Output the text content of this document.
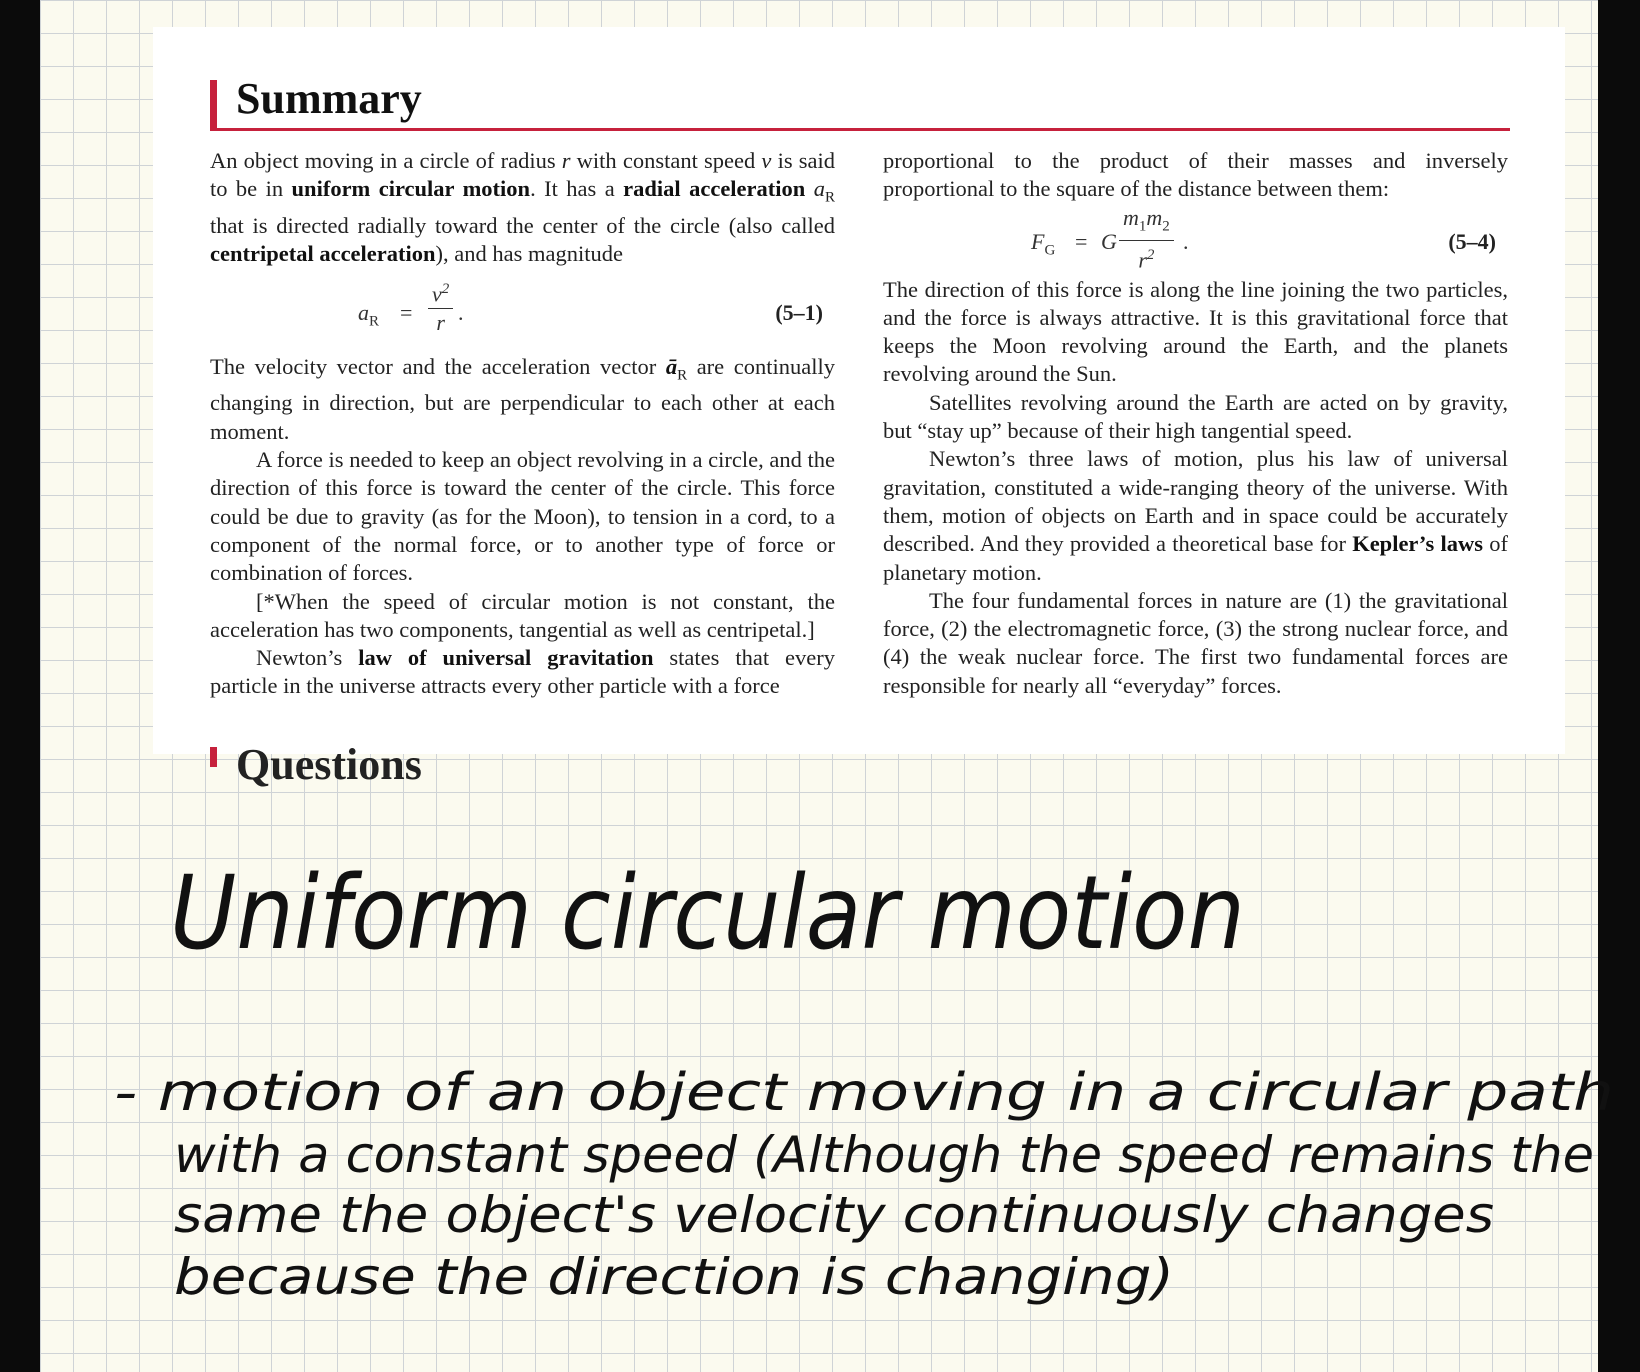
Summary

An object moving in a circle of radius r with constant speed v is said to be in uniform circular motion. It has a radial acceleration $a_R$ that is directed radially toward the center of the circle (also called centripetal acceleration), and has magnitude

$a_R = \frac{v^2}{r}$ .	(5–1)

The velocity vector and the acceleration vector $ā_R$ are continually changing in direction, but are perpendicular to each other at each moment.

A force is needed to keep an object revolving in a circle, and the direction of this force is toward the center of the circle. This force could be due to gravity (as for the Moon), to tension in a cord, to a component of the normal force, or to another type of force or combination of forces.

[*When the speed of circular motion is not constant, the acceleration has two components, tangential as well as centripetal.]

Newton’s law of universal gravitation states that every particle in the universe attracts every other particle with a force

proportional to the product of their masses and inversely proportional to the square of the distance between them:

$F_G = G \frac{m_1m_2}{r^2}$ .	(5–4)

The direction of this force is along the line joining the two particles, and the force is always attractive. It is this gravitational force that keeps the Moon revolving around the Earth, and the planets revolving around the Sun.

Satellites revolving around the Earth are acted on by gravity, but “stay up” because of their high tangential speed.

Newton’s three laws of motion, plus his law of universal gravitation, constituted a wide-ranging theory of the universe. With them, motion of objects on Earth and in space could be accurately described. And they provided a theoretical base for Kepler’s laws of planetary motion.

The four fundamental forces in nature are (1) the gravitational force, (2) the electromagnetic force, (3) the strong nuclear force, and (4) the weak nuclear force. The first two fundamental forces are responsible for nearly all “everyday” forces.

Questions
Uniform circular motion
- motion of an object moving in a circular path
with a constant speed (Although the speed remains the
same the object's velocity continuously changes
because the direction is changing)
